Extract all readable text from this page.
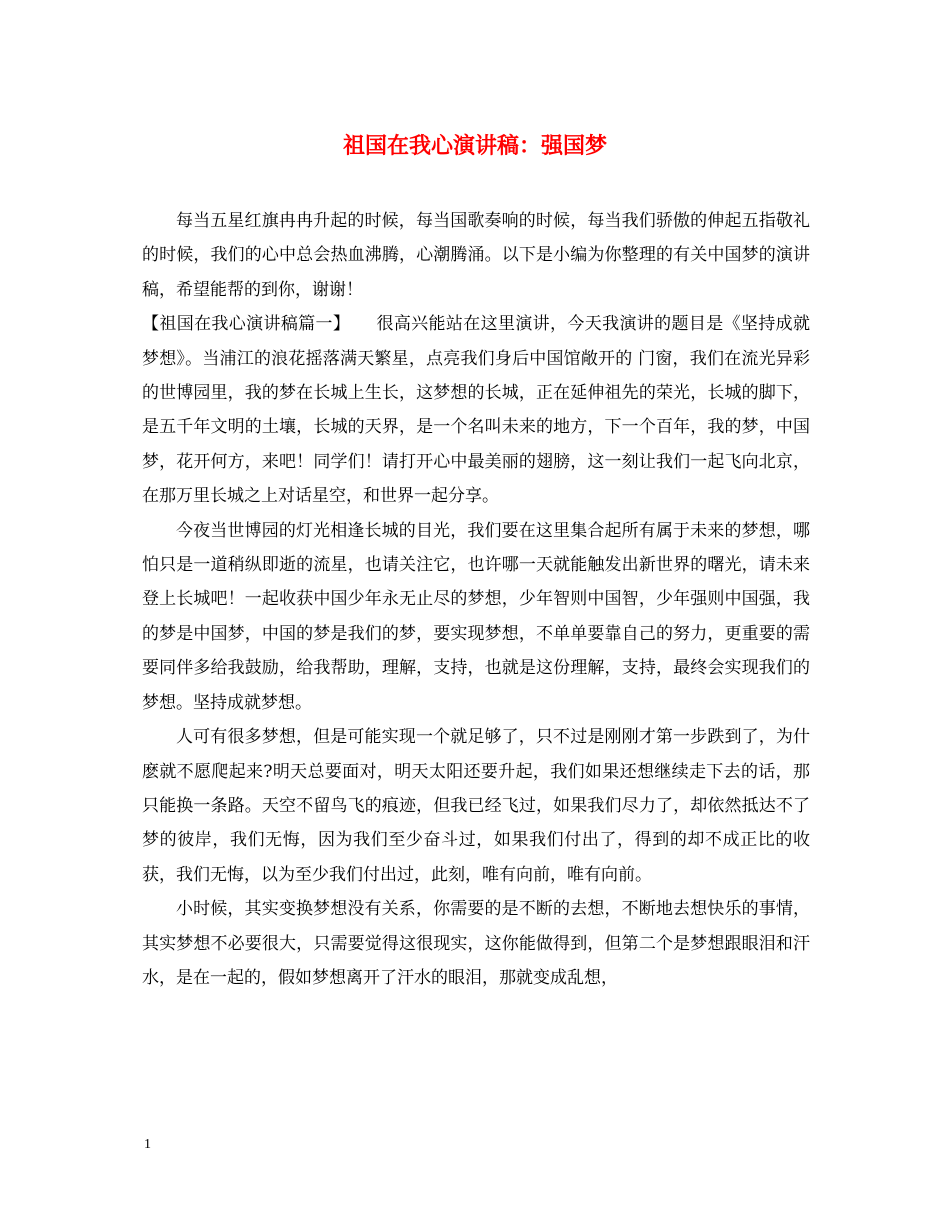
祖国在我心演讲稿：强国梦

每当五星红旗冉冉升起的时候，每当国歌奏响的时候，每当我们骄傲的伸起五指敬礼的时候，我们的心中总会热血沸腾，心潮腾涌。以下是小编为你整理的有关中国梦的演讲稿，希望能帮的到你，谢谢！

【祖国在我心演讲稿篇一】　　很高兴能站在这里演讲，今天我演讲的题目是《坚持成就梦想》。当浦江的浪花摇落满天繁星，点亮我们身后中国馆敞开的 门窗，我们在流光异彩的世博园里，我的梦在长城上生长，这梦想的长城，正在延伸祖先的荣光，长城的脚下，是五千年文明的土壤，长城的天界，是一个名叫未来的地方，下一个百年，我的梦，中国梦，花开何方，来吧！同学们！请打开心中最美丽的翅膀，这一刻让我们一起飞向北京，在那万里长城之上对话星空，和世界一起分享。

今夜当世博园的灯光相逢长城的目光，我们要在这里集合起所有属于未来的梦想，哪怕只是一道稍纵即逝的流星，也请关注它，也许哪一天就能触发出新世界的曙光，请未来登上长城吧！一起收获中国少年永无止尽的梦想，少年智则中国智，少年强则中国强，我的梦是中国梦，中国的梦是我们的梦，要实现梦想，不单单要靠自己的努力，更重要的需要同伴多给我鼓励，给我帮助，理解，支持，也就是这份理解，支持，最终会实现我们的梦想。坚持成就梦想。

人可有很多梦想，但是可能实现一个就足够了，只不过是刚刚才第一步跌到了，为什麽就不愿爬起来?明天总要面对，明天太阳还要升起，我们如果还想继续走下去的话，那只能换一条路。天空不留鸟飞的痕迹，但我已经飞过，如果我们尽力了，却依然抵达不了梦的彼岸，我们无悔，因为我们至少奋斗过，如果我们付出了，得到的却不成正比的收获，我们无悔，以为至少我们付出过，此刻，唯有向前，唯有向前。

小时候，其实变换梦想没有关系，你需要的是不断的去想，不断地去想快乐的事情，其实梦想不必要很大，只需要觉得这很现实，这你能做得到，但第二个是梦想跟眼泪和汗水，是在一起的，假如梦想离开了汗水的眼泪，那就变成乱想，

1
